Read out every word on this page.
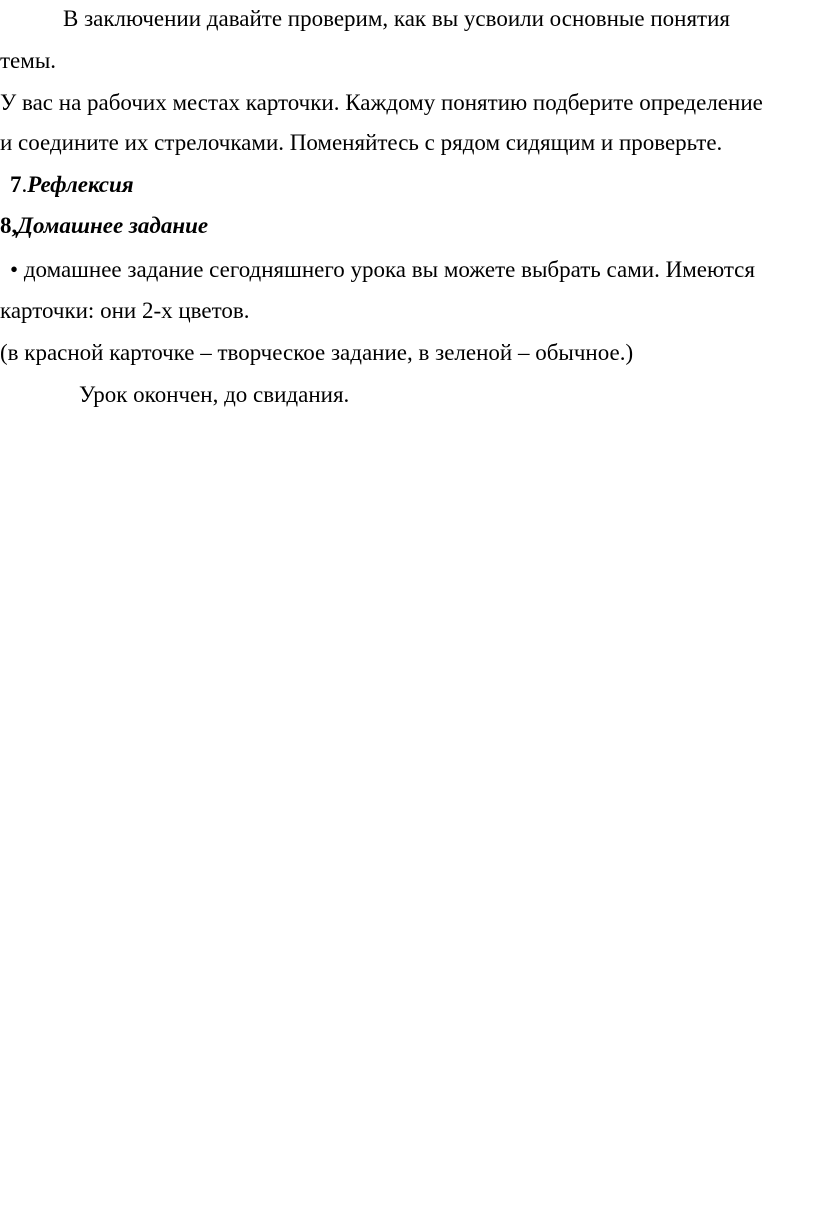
В заключении давайте проверим, как вы усвоили основные понятия
темы.
У вас на рабочих местах карточки. Каждому понятию подберите определение
и соедините их стрелочками. Поменяйтесь с рядом сидящим и проверьте.
7.Рефлексия
8,Домашнее задание
• домашнее задание сегодняшнего урока вы можете выбрать сами. Имеются
карточки: они 2-х цветов.
(в красной карточке – творческое задание, в зеленой – обычное.)
Урок окончен, до свидания.
